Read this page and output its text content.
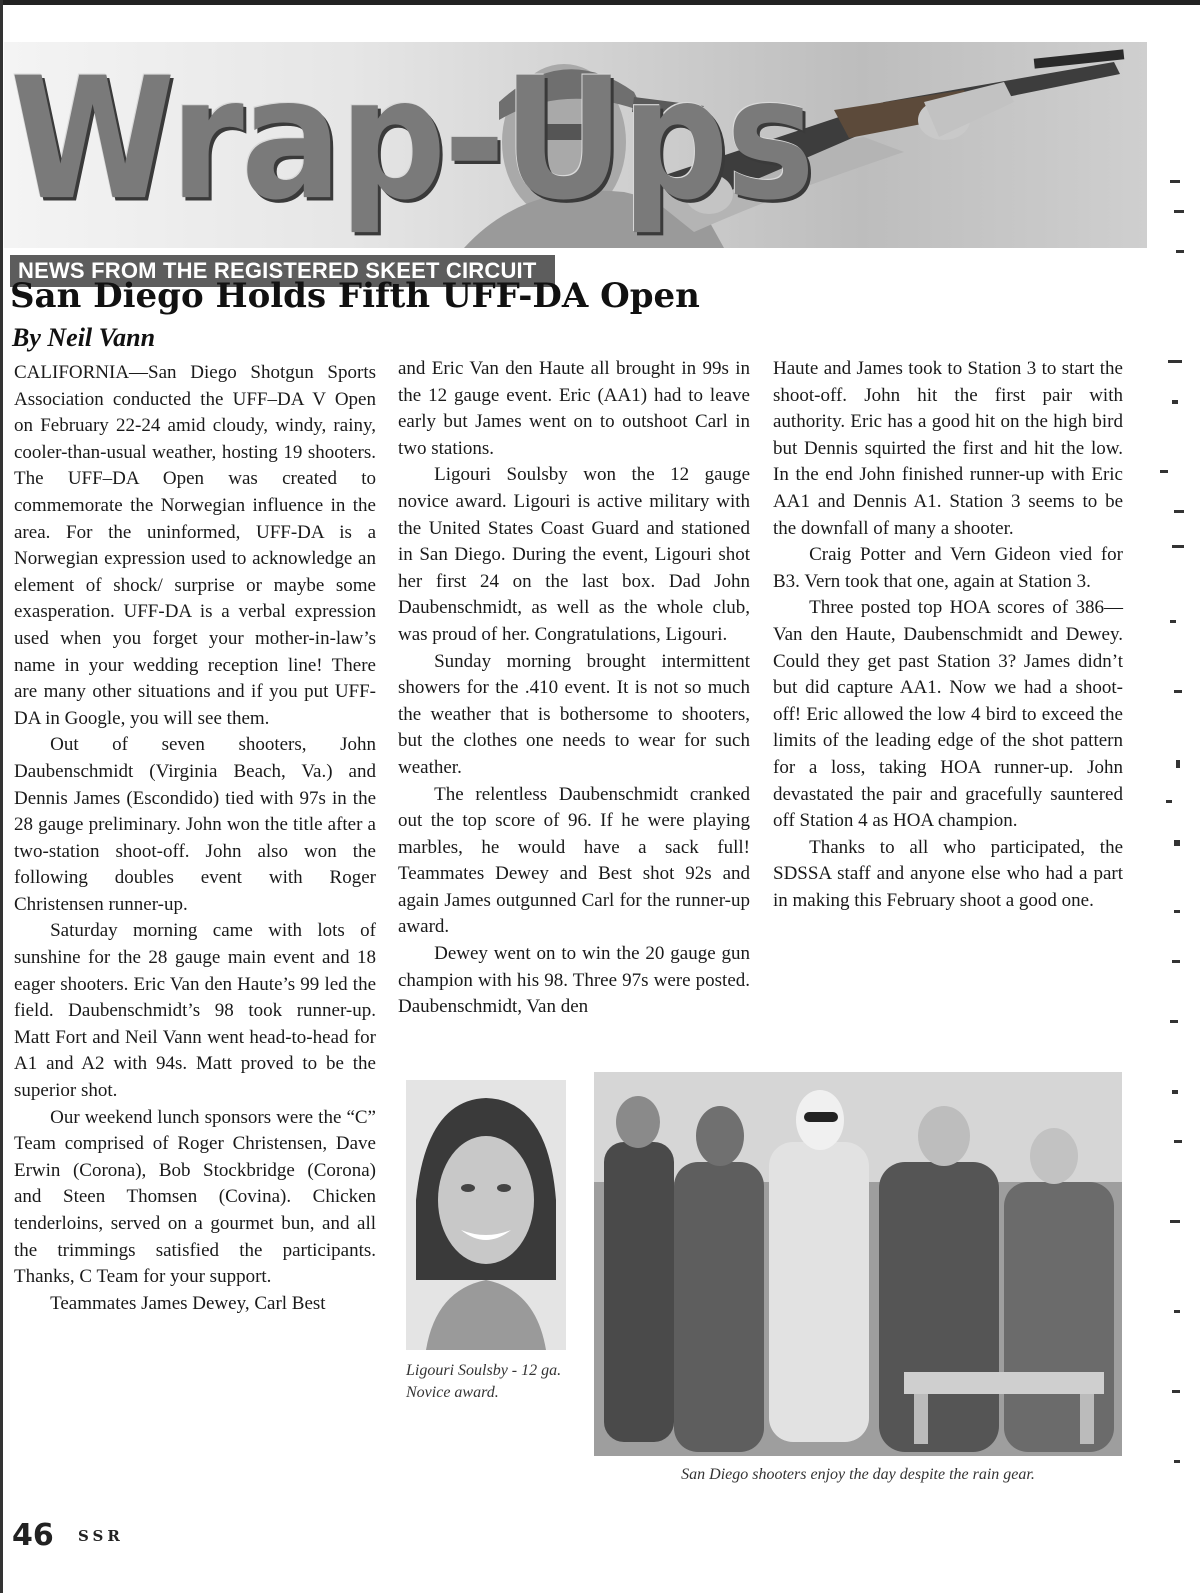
Wrap-Ups
NEWS FROM THE REGISTERED SKEET CIRCUIT
San Diego Holds Fifth UFF-DA Open
By Neil Vann

CALIFORNIA—San Diego Shotgun Sports Association conducted the UFF–DA V Open on February 22-24 amid cloudy, windy, rainy, cooler-than-usual weather, hosting 19 shooters. The UFF–DA Open was created to commemorate the Norwegian influence in the area. For the uninformed, UFF-DA is a Norwegian expression used to acknowledge an element of shock/ surprise or maybe some exasperation. UFF-DA is a verbal expression used when you forget your mother-in-law’s name in your wedding reception line! There are many other situations and if you put UFF-DA in Google, you will see them.

Out of seven shooters, John Daubenschmidt (Virginia Beach, Va.) and Dennis James (Escondido) tied with 97s in the 28 gauge preliminary. John won the title after a two-station shoot-off. John also won the following doubles event with Roger Christensen runner-up.

Saturday morning came with lots of sunshine for the 28 gauge main event and 18 eager shooters. Eric Van den Haute’s 99 led the field. Daubenschmidt’s 98 took runner-up. Matt Fort and Neil Vann went head-to-head for A1 and A2 with 94s. Matt proved to be the superior shot.

Our weekend lunch sponsors were the “C” Team comprised of Roger Christensen, Dave Erwin (Corona), Bob Stockbridge (Corona) and Steen Thomsen (Covina). Chicken tenderloins, served on a gourmet bun, and all the trimmings satisfied the participants. Thanks, C Team for your support.

Teammates James Dewey, Carl Best

and Eric Van den Haute all brought in 99s in the 12 gauge event. Eric (AA1) had to leave early but James went on to outshoot Carl in two stations.

Ligouri Soulsby won the 12 gauge novice award. Ligouri is active military with the United States Coast Guard and stationed in San Diego. During the event, Ligouri shot her first 24 on the last box. Dad John Daubenschmidt, as well as the whole club, was proud of her. Congratulations, Ligouri.

Sunday morning brought intermittent showers for the .410 event. It is not so much the weather that is bothersome to shooters, but the clothes one needs to wear for such weather.

The relentless Daubenschmidt cranked out the top score of 96. If he were playing marbles, he would have a sack full! Teammates Dewey and Best shot 92s and again James outgunned Carl for the runner-up award.

Dewey went on to win the 20 gauge gun champion with his 98. Three 97s were posted. Daubenschmidt, Van den

Haute and James took to Station 3 to start the shoot-off. John hit the first pair with authority. Eric has a good hit on the high bird but Dennis squirted the first and hit the low. In the end John finished runner-up with Eric AA1 and Dennis A1. Station 3 seems to be the downfall of many a shooter.

Craig Potter and Vern Gideon vied for B3. Vern took that one, again at Station 3.

Three posted top HOA scores of 386—Van den Haute, Daubenschmidt and Dewey. Could they get past Station 3? James didn’t but did capture AA1. Now we had a shoot-off! Eric allowed the low 4 bird to exceed the limits of the leading edge of the shot pattern for a loss, taking HOA runner-up. John devastated the pair and gracefully sauntered off Station 4 as HOA champion.

Thanks to all who participated, the SDSSA staff and anyone else who had a part in making this February shoot a good one.

Ligouri Soulsby - 12 ga. Novice award.
San Diego shooters enjoy the day despite the rain gear.
46 SSR
